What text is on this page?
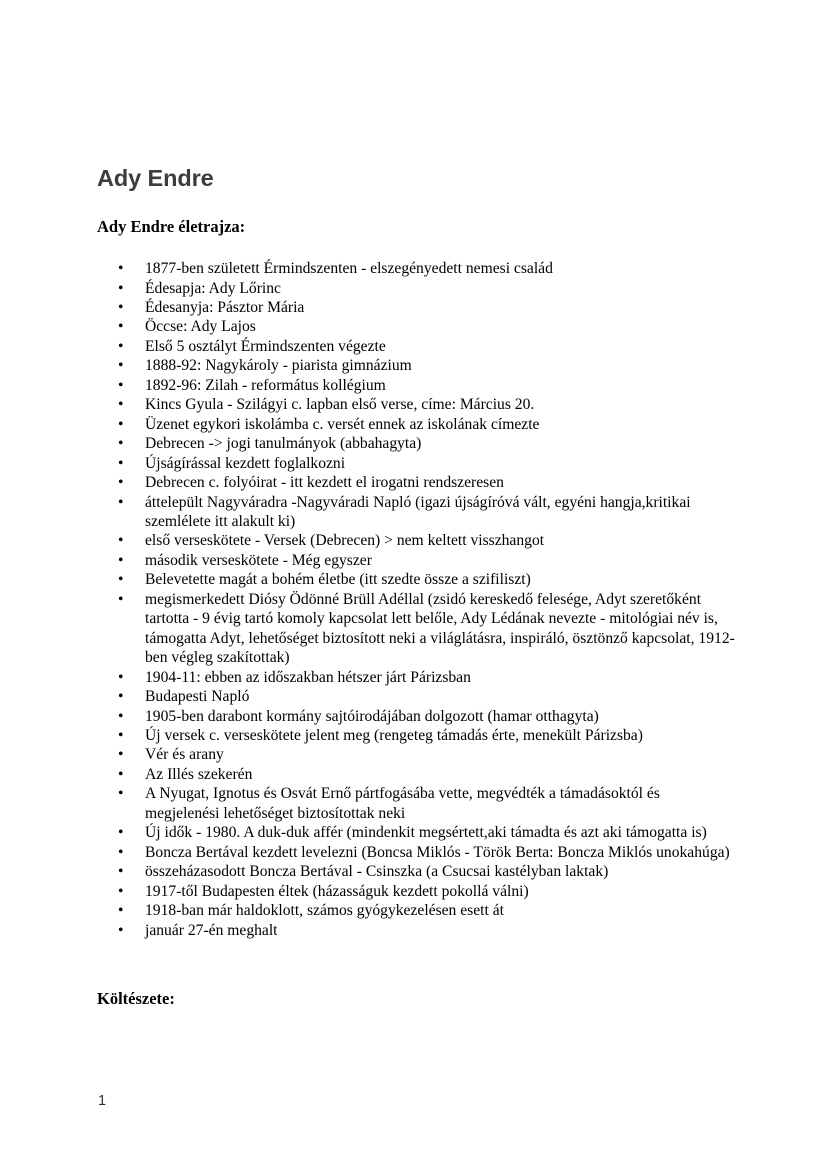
Ady Endre
Ady Endre életrajza:
• 1877-ben született Érmindszenten - elszegényedett nemesi család
• Édesapja: Ady Lőrinc
• Édesanyja: Pásztor Mária
• Öccse: Ady Lajos
• Első 5 osztályt Érmindszenten végezte
• 1888-92: Nagykároly - piarista gimnázium
• 1892-96: Zilah - református kollégium
• Kincs Gyula - Szilágyi c. lapban első verse, címe: Március 20.
• Üzenet egykori iskolámba c. versét ennek az iskolának címezte
• Debrecen -> jogi tanulmányok (abbahagyta)
• Újságírással kezdett foglalkozni
• Debrecen c. folyóirat - itt kezdett el irogatni rendszeresen
• áttelepült Nagyváradra -Nagyváradi Napló (igazi újságíróvá vált, egyéni hangja,kritikai szemlélete itt alakult ki)
• első verseskötete - Versek (Debrecen) > nem keltett visszhangot
• második verseskötete - Még egyszer
• Belevetette magát a bohém életbe (itt szedte össze a szifiliszt)
• megismerkedett Diósy Ödönné Brüll Adéllal (zsidó kereskedő felesége, Adyt szeretőként tartotta - 9 évig tartó komoly kapcsolat lett belőle, Ady Lédának nevezte - mitológiai név is, támogatta Adyt, lehetőséget biztosított neki a világlátásra, inspiráló, ösztönző kapcsolat, 1912-ben végleg szakítottak)
• 1904-11: ebben az időszakban hétszer járt Párizsban
• Budapesti Napló
• 1905-ben darabont kormány sajtóirodájában dolgozott (hamar otthagyta)
• Új versek c. verseskötete jelent meg (rengeteg támadás érte, menekült Párizsba)
• Vér és arany
• Az Illés szekerén
• A Nyugat, Ignotus és Osvát Ernő pártfogásába vette, megvédték a támadásoktól és megjelenési lehetőséget biztosítottak neki
• Új idők - 1980. A duk-duk affér (mindenkit megsértett,aki támadta és azt aki támogatta is)
• Boncza Bertával kezdett levelezni (Boncsa Miklós - Török Berta: Boncza Miklós unokahúga)
• összeházasodott Boncza Bertával - Csinszka (a Csucsai kastélyban laktak)
• 1917-től Budapesten éltek (házasságuk kezdett pokollá válni)
• 1918-ban már haldoklott, számos gyógykezelésen esett át
• január 27-én meghalt
Költészete:
1
